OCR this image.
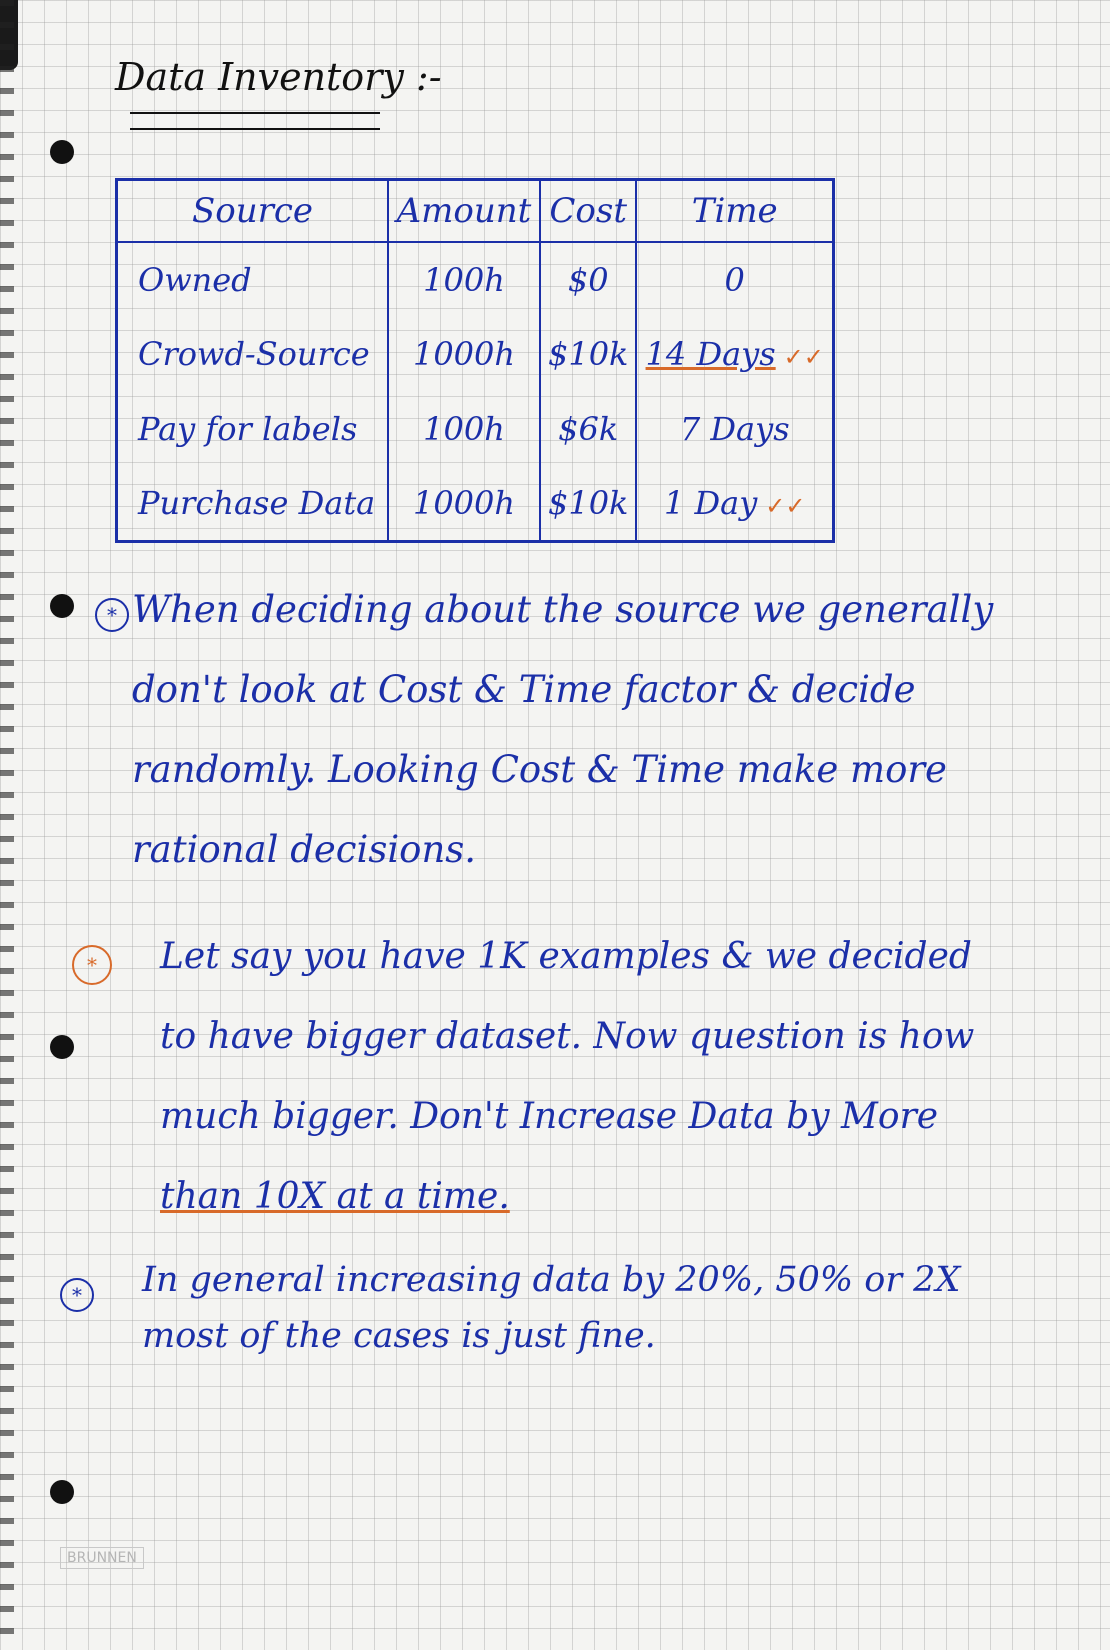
Data Inventory :-
Source	Amount	Cost	Time
Owned	100h	$0	0
Crowd-Source	1000h	$10k	14 Days ✓✓
Pay for labels	100h	$6k	7 Days
Purchase Data	1000h	$10k	1 Day ✓✓
* When deciding about the source we generally
don't look at Cost & Time factor & decide
randomly. Looking Cost & Time make more
rational decisions.
*	Let say you have 1K examples & we decided
to have bigger dataset. Now question is how
much bigger. Don't Increase Data by More
than 10X at a time.
*	In general increasing data by 20%, 50% or 2X
most of the cases is just fine.
BRUNNEN
